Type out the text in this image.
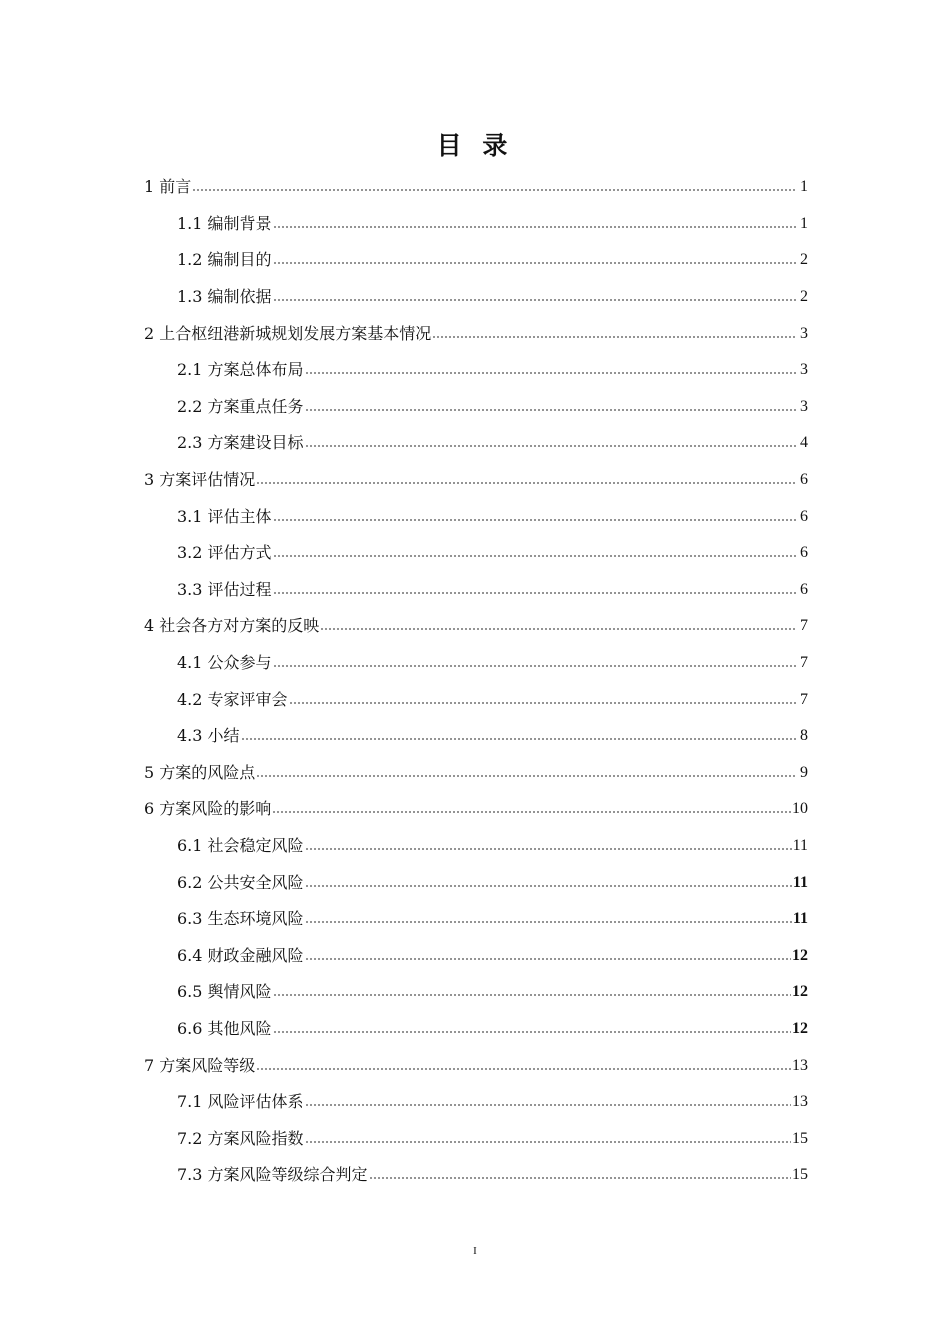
目 录
1 前言	1
1.1 编制背景	1
1.2 编制目的	2
1.3 编制依据	2
2 上合枢纽港新城规划发展方案基本情况	3
2.1 方案总体布局	3
2.2 方案重点任务	3
2.3 方案建设目标	4
3 方案评估情况	6
3.1 评估主体	6
3.2 评估方式	6
3.3 评估过程	6
4 社会各方对方案的反映	7
4.1 公众参与	7
4.2 专家评审会	7
4.3 小结	8
5 方案的风险点	9
6 方案风险的影响	10
6.1 社会稳定风险	11
6.2 公共安全风险	11
6.3 生态环境风险	11
6.4 财政金融风险	12
6.5 舆情风险	12
6.6 其他风险	12
7 方案风险等级	13
7.1 风险评估体系	13
7.2 方案风险指数	15
7.3 方案风险等级综合判定	15
I
